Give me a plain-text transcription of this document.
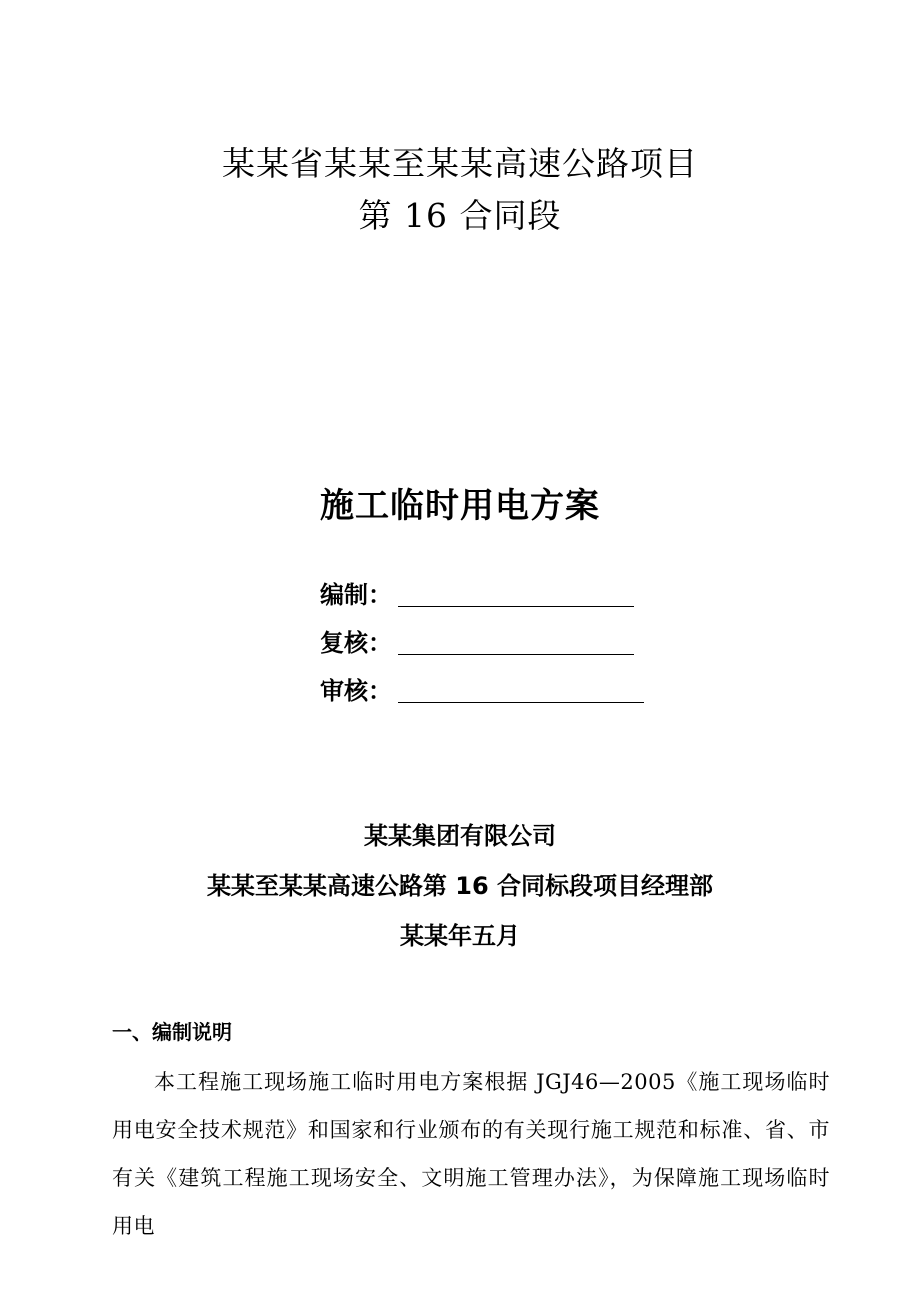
某某省某某至某某高速公路项目
第 16 合同段
施工临时用电方案
编制：
复核：
审核：
某某集团有限公司
某某至某某高速公路第 16 合同标段项目经理部
某某年五月
一、编制说明
本工程施工现场施工临时用电方案根据 JGJ46—2005《施工现场临时用电安全技术规范》和国家和行业颁布的有关现行施工规范和标准、省、市有关《建筑工程施工现场安全、文明施工管理办法》，为保障施工现场临时用电
